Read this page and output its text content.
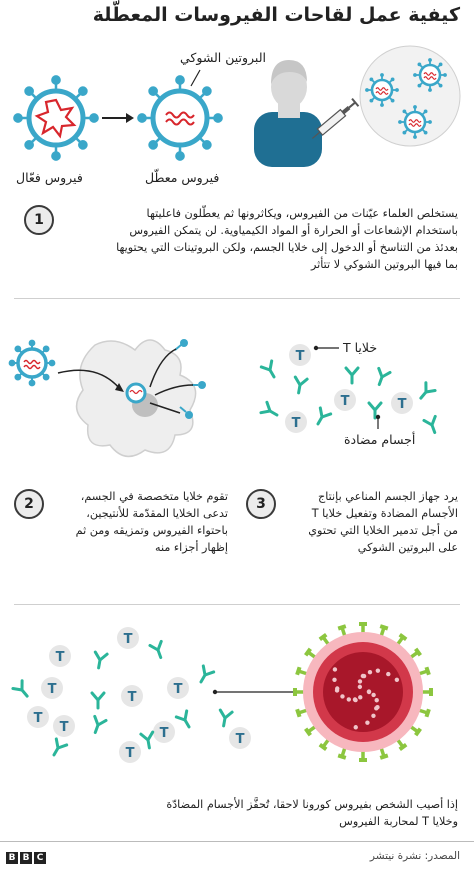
كيفية عمل لقاحات الفيروسات المعطّلة
البروتين الشوكي
فيروس فعّال	فيروس معطّل
1	يستخلص العلماء عيّنات من الفيروس، ويكاثرونها ثم يعطّلون فاعليتها
باستخدام الإشعاعات أو الحرارة أو المواد الكيمياوية. لن يتمكن الفيروس
بعدئذ من التناسخ أو الدخول إلى خلايا الجسم، ولكن البروتينات التي يحتويها
بما فيها البروتين الشوكي لا تتأثر
T
T	T
T
خلايا T
أجسام مضادة
2	تقوم خلايا متخصصة في الجسم،
تدعى الخلايا المقدّمة للأنتيجين،
باحتواء الفيروس وتمزيقه ومن ثم
إظهار أجزاء منه
3	يرد جهاز الجسم المناعي بإنتاج
الأجسام المضادة وتفعيل خلايا T
من أجل تدمير الخلايا التي تحتوي
على البروتين الشوكي
T
T
T
T
T
T
T
T	T
T
إذا أصيب الشخص بفيروس كورونا لاحقا، تُحفَّز الأجسام المضادّة
وخلايا T لمحاربة الفيروس
B B C	المصدر: نشرة نيتشر
